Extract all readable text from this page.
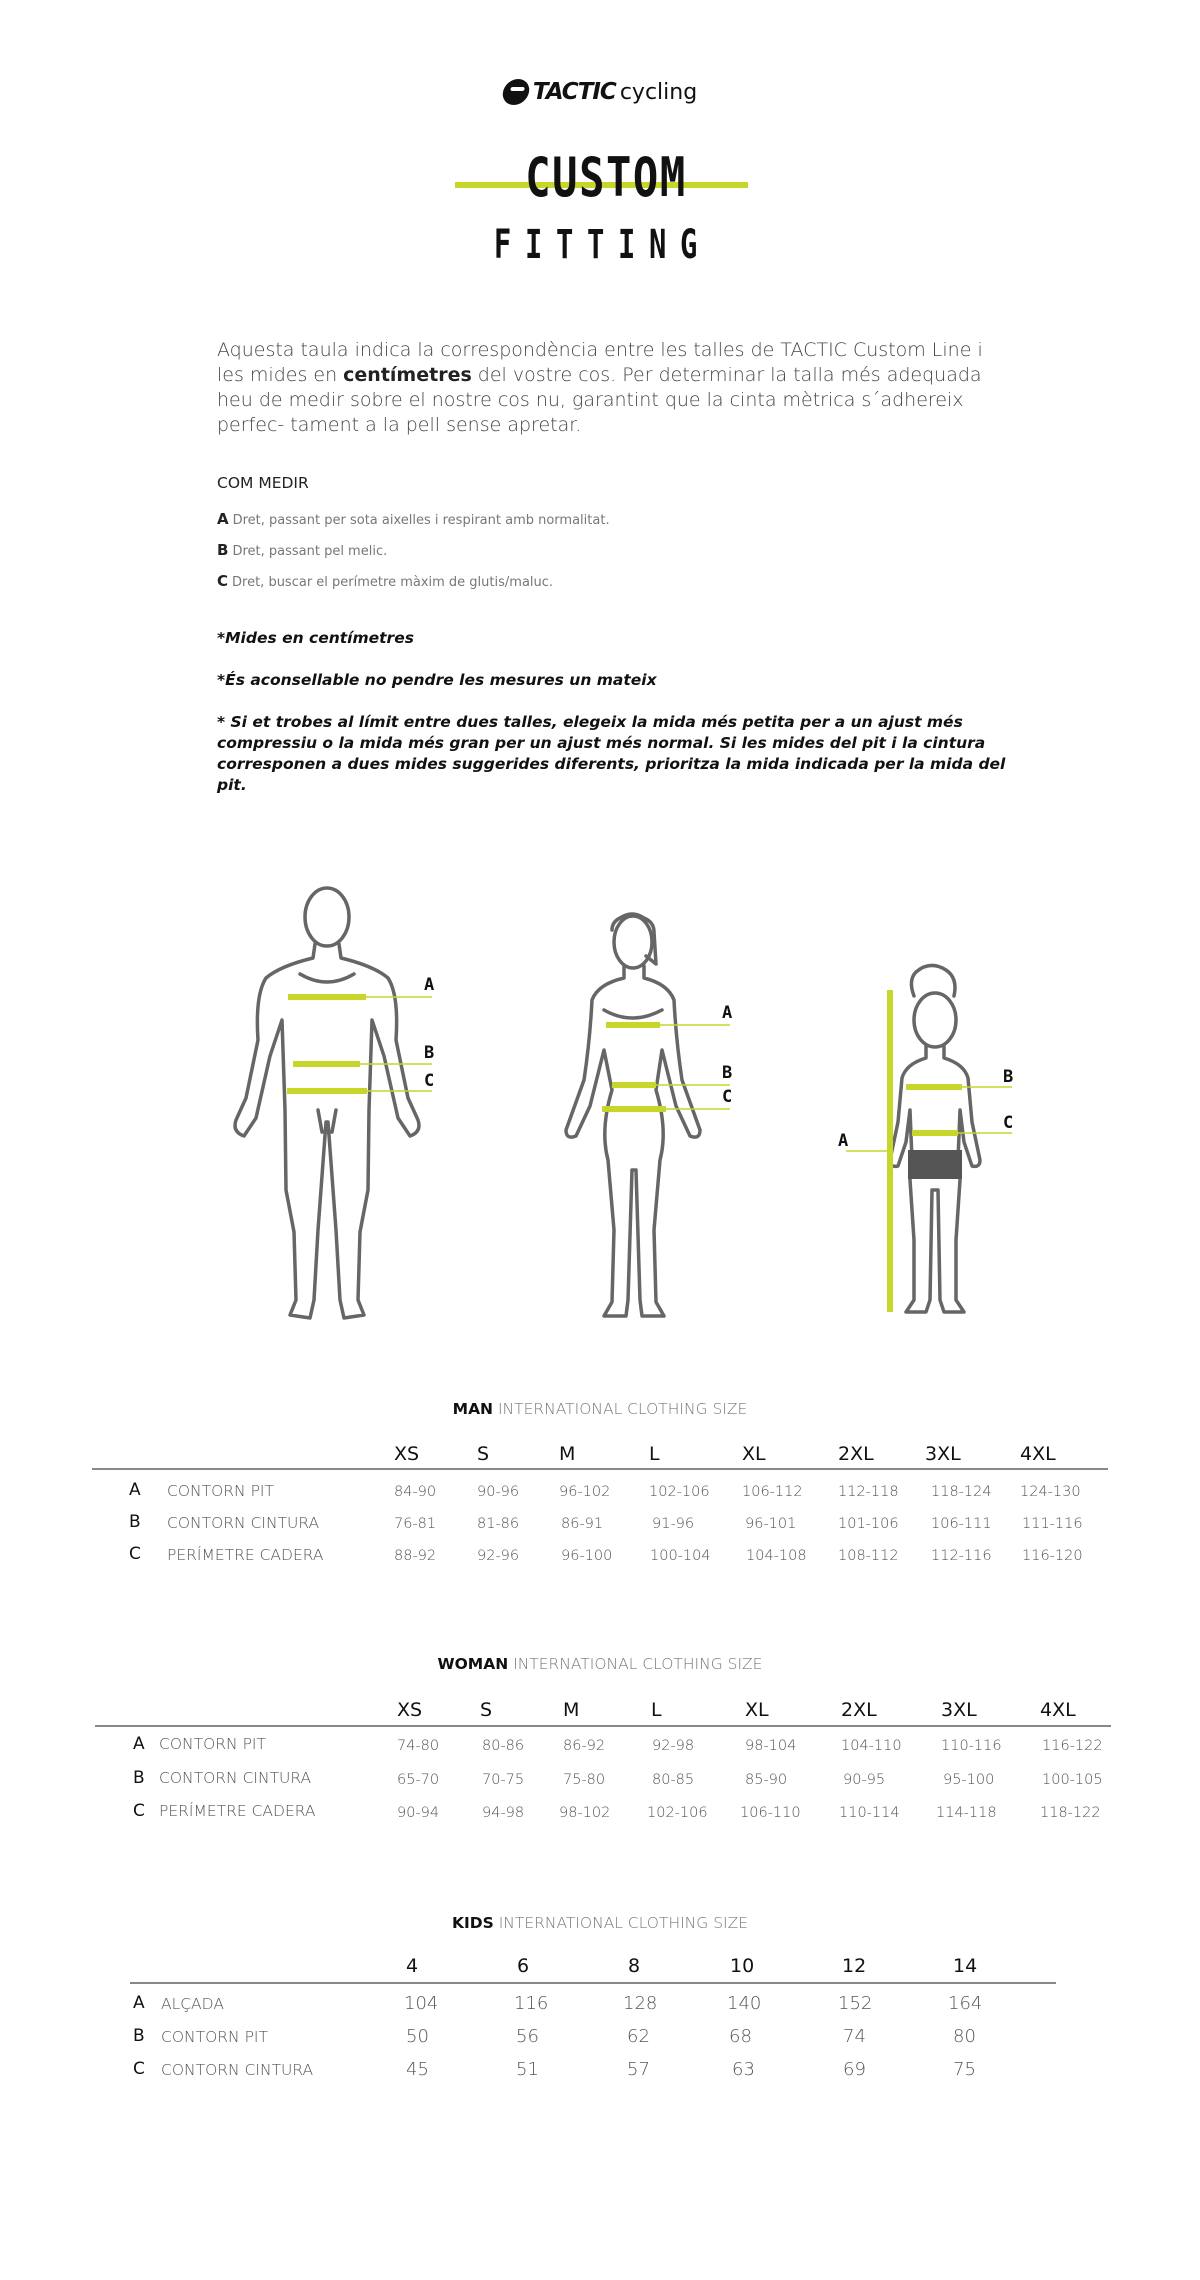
TACTIC cycling
CUSTOM
FITTING
Aquesta taula indica la correspondència entre les talles de TACTIC Custom Line i les mides en centímetres del vostre cos. Per determinar la talla més adequada heu de medir sobre el nostre cos nu, garantint que la cinta mètrica s´adhereix perfec- tament a la pell sense apretar.
COM MEDIR
A Dret, passant per sota aixelles i respirant amb normalitat.
B Dret, passant pel melic.
C Dret, buscar el perímetre màxim de glutis/maluc.
*Mides en centímetres
*És aconsellable no pendre les mesures un mateix
* Si et trobes al límit entre dues talles, elegeix la mida més petita per a un ajust més compressiu o la mida més gran per un ajust més normal. Si les mides del pit i la cintura corresponen a dues mides suggerides diferents, prioritza la mida indicada per la mida del pit.
A
B
C
A
B
C
B
C
A
MAN INTERNATIONAL CLOTHING SIZE
XS	S	M	L	XL	2XL	3XL	4XL
A CONTORN PIT	84-90	90-96	96-102	102-106 106-112 112-118 118-124 124-130
B CONTORN CINTURA	76-81	81-86	86-91	91-96	96-101	101-106 106-111 111-116
C PERÍMETRE CADERA	88-92	92-96	96-100	100-104 104-108 108-112 112-116 116-120
WOMAN INTERNATIONAL CLOTHING SIZE
XS	S	M	L	XL	2XL	3XL	4XL
A CONTORN PIT	74-80	80-86	86-92	92-98	98-104	104-110	110-116	116-122
B CONTORN CINTURA	65-70	70-75	75-80	80-85	85-90	90-95	95-100	100-105
C PERÍMETRE CADERA	90-94	94-98 98-102	102-106 106-110	110-114	114-118	118-122
KIDS INTERNATIONAL CLOTHING SIZE
4	6	8	10	12	14
A ALÇADA	104	116	128	140	152	164
B CONTORN PIT	50	56	62	68	74	80
C CONTORN CINTURA	45	51	57	63	69	75
